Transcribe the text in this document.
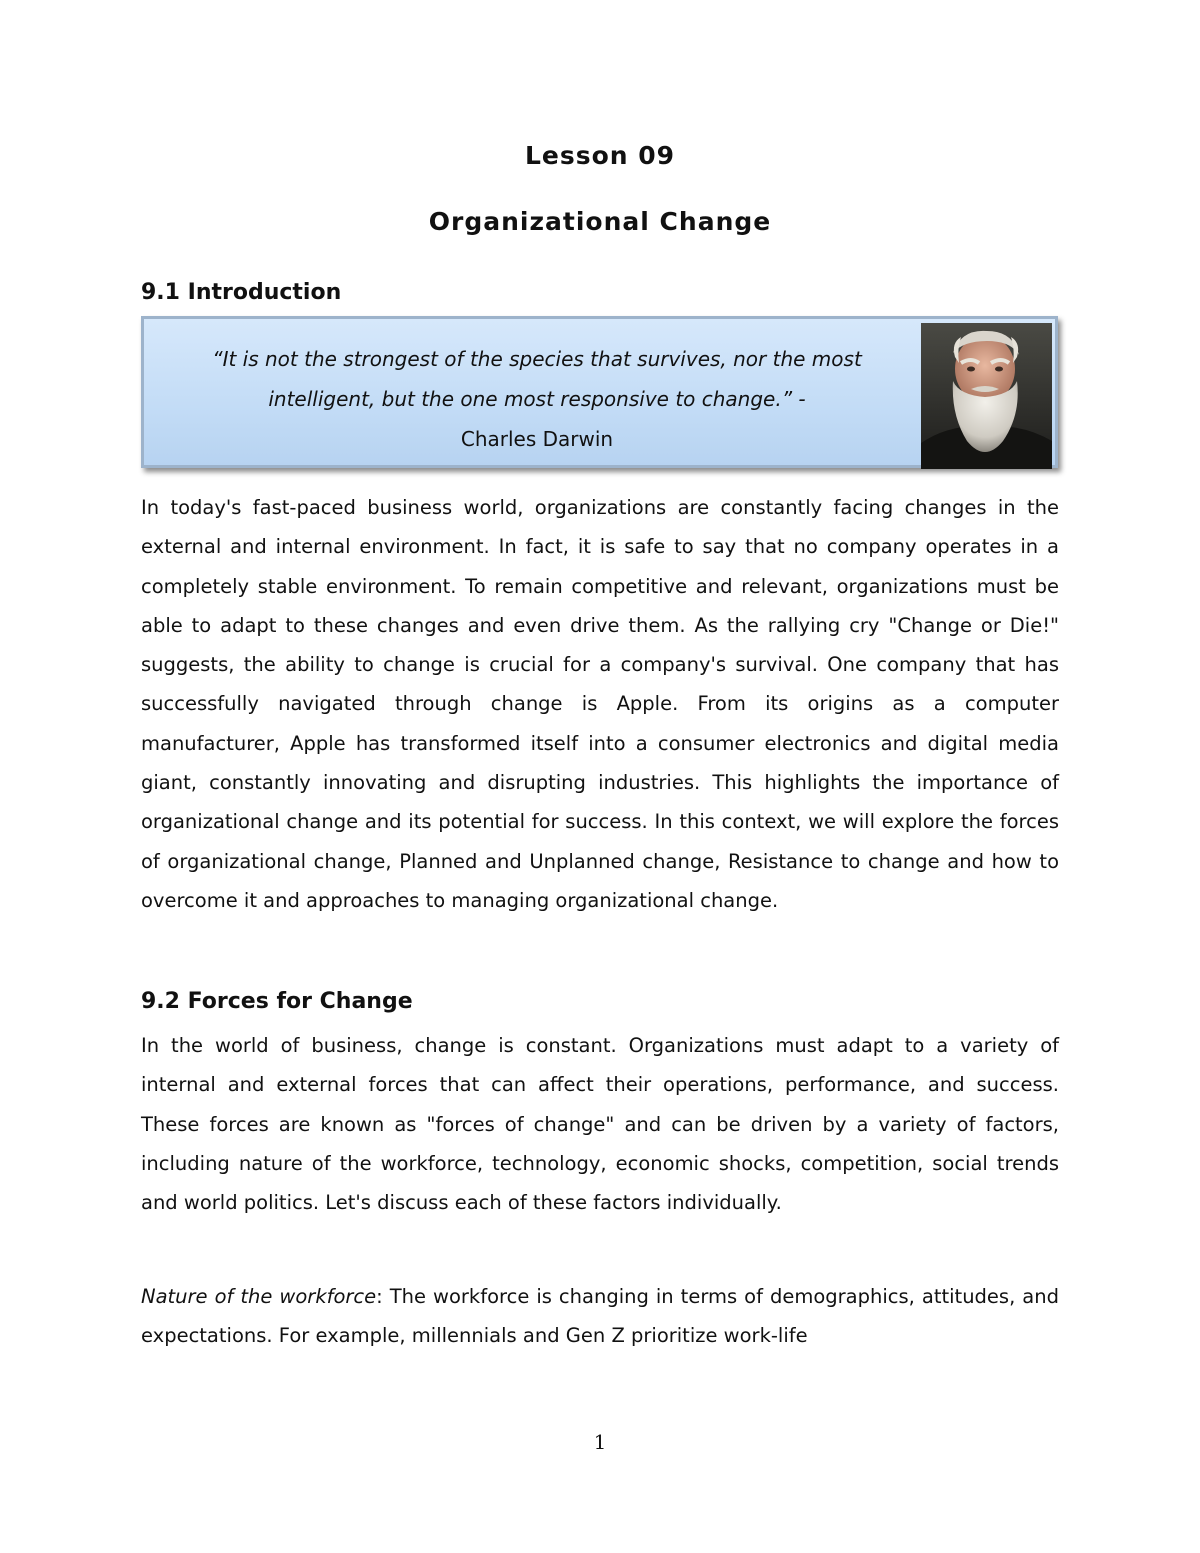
Lesson 09
Organizational Change
9.1 Introduction

“It is not the strongest of the species that survives, nor the most intelligent, but the one most responsive to change.” -
Charles Darwin

In today's fast-paced business world, organizations are constantly facing changes in the external and internal environment. In fact, it is safe to say that no company operates in a completely stable environment. To remain competitive and relevant, organizations must be able to adapt to these changes and even drive them. As the rallying cry "Change or Die!" suggests, the ability to change is crucial for a company's survival. One company that has successfully navigated through change is Apple. From its origins as a computer manufacturer, Apple has transformed itself into a consumer electronics and digital media giant, constantly innovating and disrupting industries. This highlights the importance of organizational change and its potential for success. In this context, we will explore the forces of organizational change, Planned and Unplanned change, Resistance to change and how to overcome it and approaches to managing organizational change.

9.2 Forces for Change

In the world of business, change is constant. Organizations must adapt to a variety of internal and external forces that can affect their operations, performance, and success. These forces are known as "forces of change" and can be driven by a variety of factors, including nature of the workforce, technology, economic shocks, competition, social trends and world politics. Let's discuss each of these factors individually.

Nature of the workforce: The workforce is changing in terms of demographics, attitudes, and expectations. For example, millennials and Gen Z prioritize work-life

1
